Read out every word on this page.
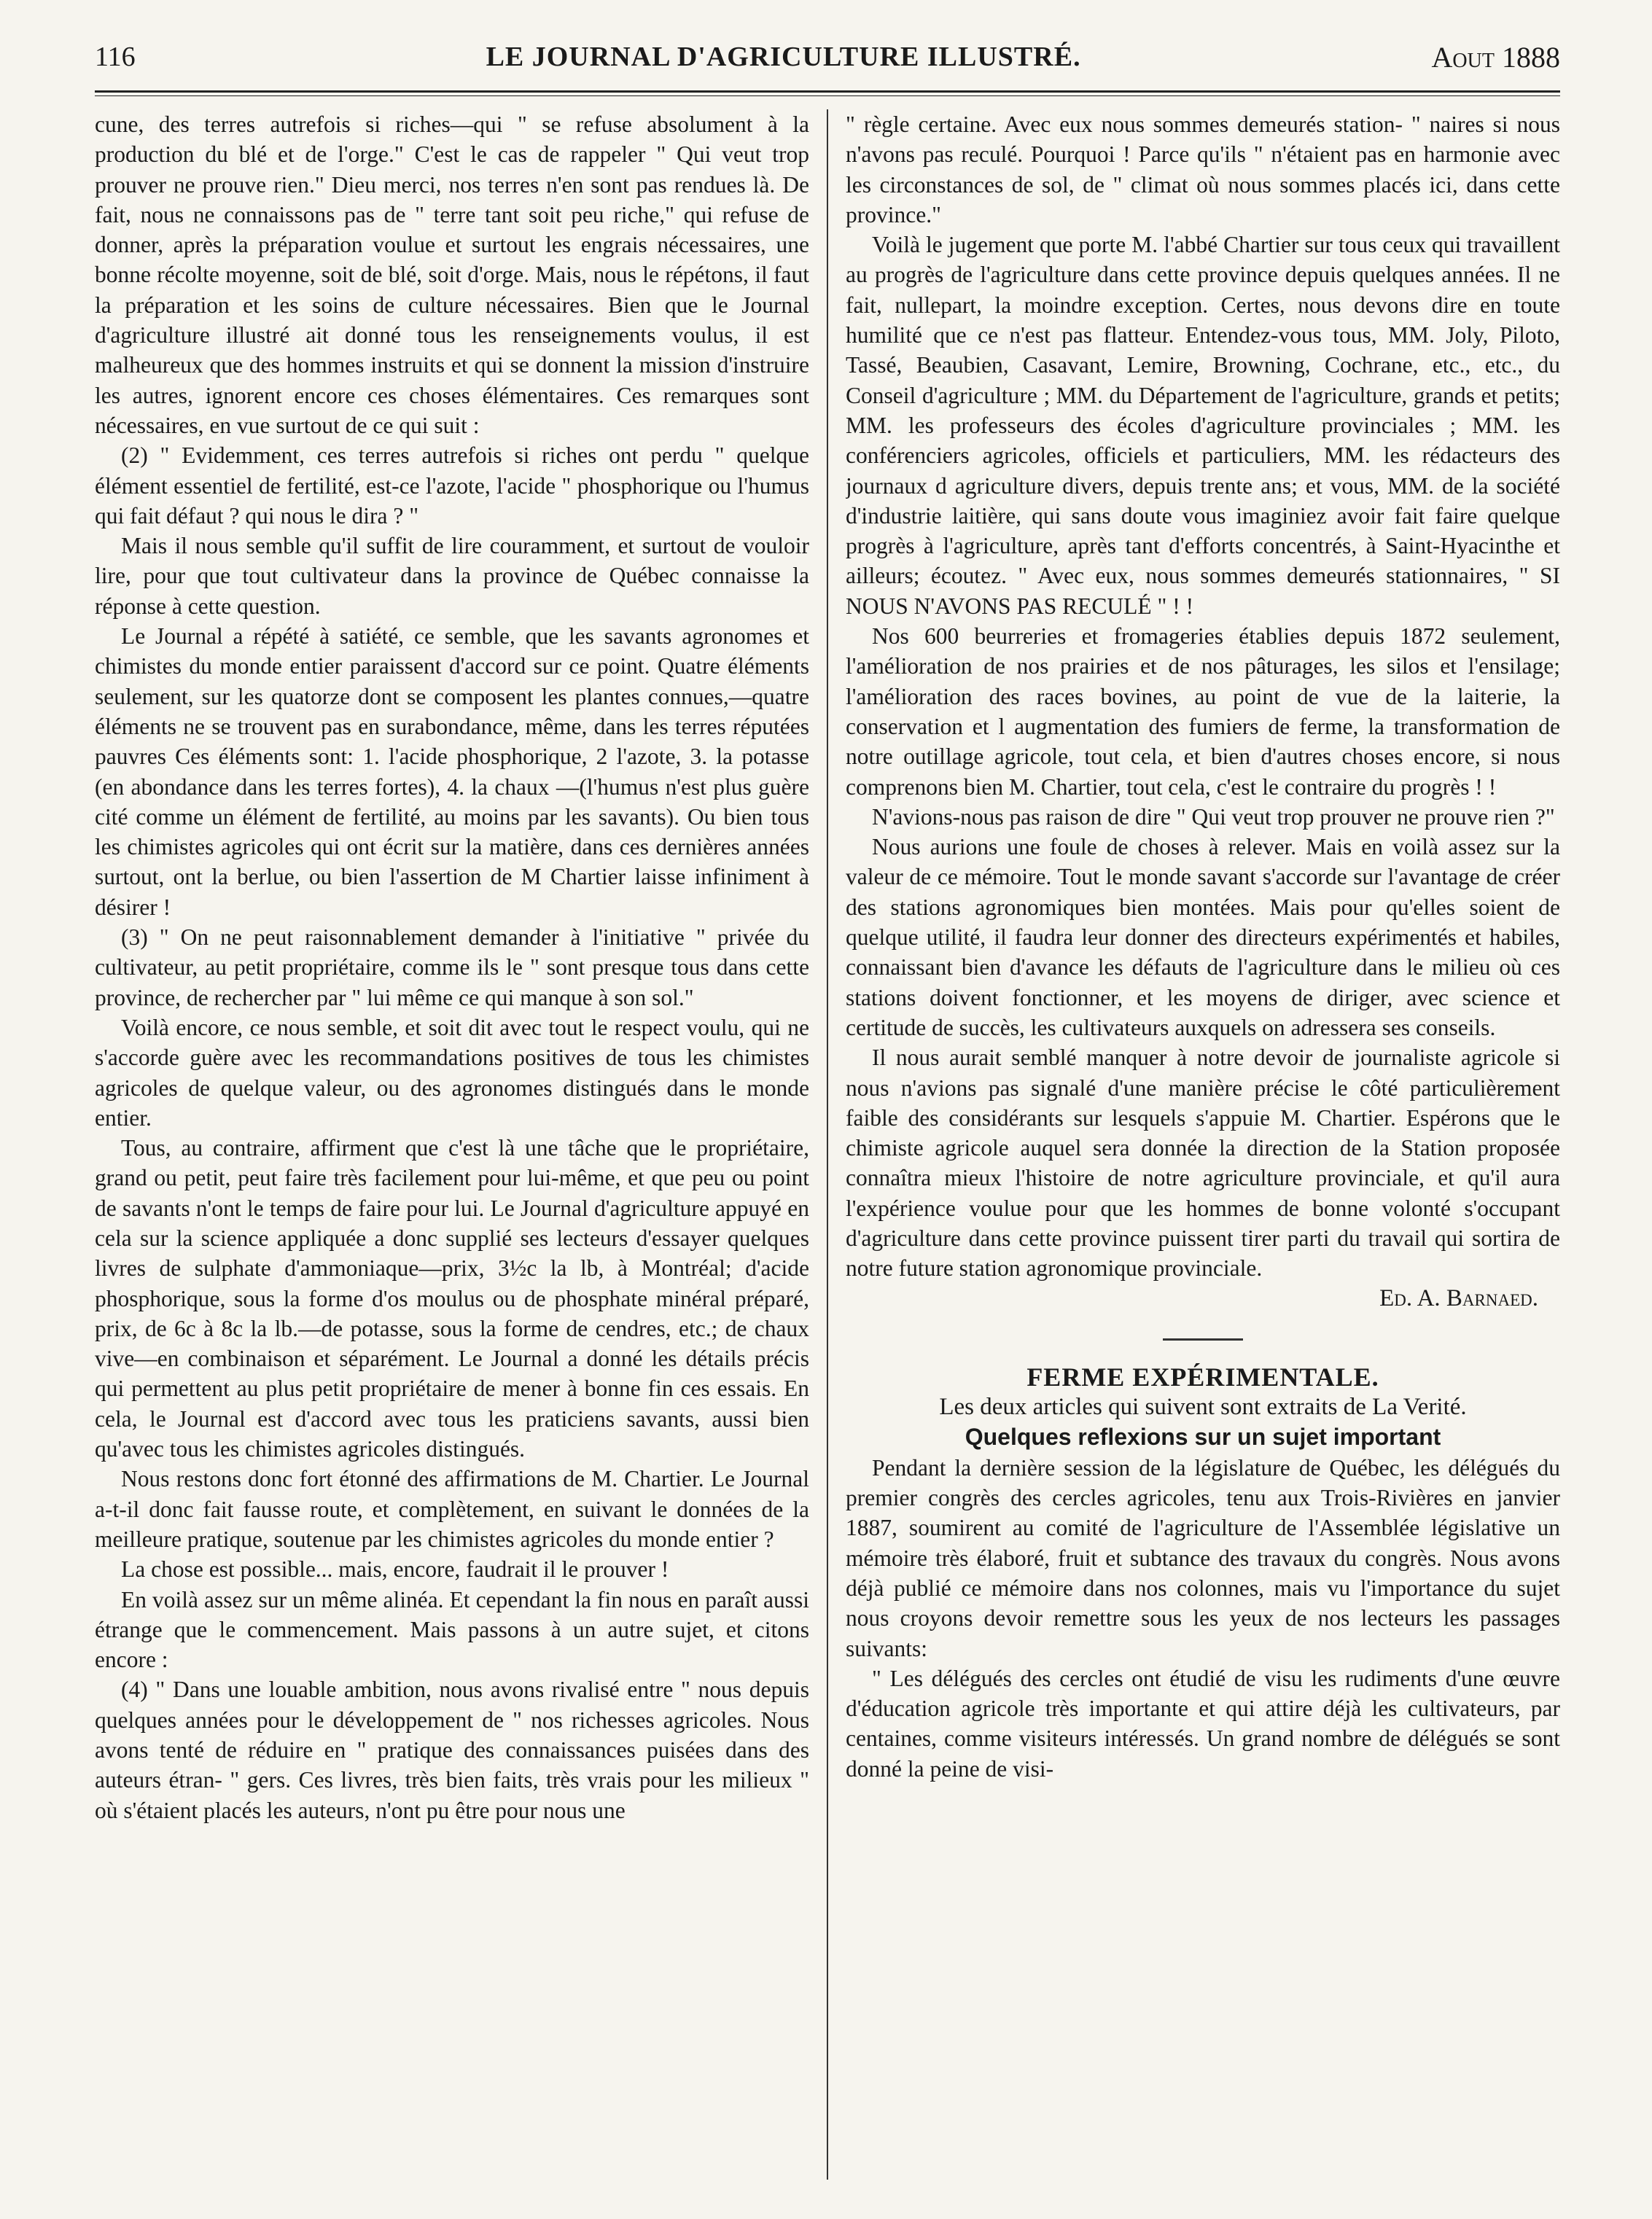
116	LE JOURNAL D'AGRICULTURE ILLUSTRÉ.	Aout 1888

cune, des terres autrefois si riches—qui " se refuse absolument à la production du blé et de l'orge." C'est le cas de rappeler " Qui veut trop prouver ne prouve rien." Dieu merci, nos terres n'en sont pas rendues là. De fait, nous ne connaissons pas de " terre tant soit peu riche," qui refuse de donner, après la préparation voulue et surtout les engrais nécessaires, une bonne récolte moyenne, soit de blé, soit d'orge. Mais, nous le répétons, il faut la préparation et les soins de culture nécessaires. Bien que le Journal d'agriculture illustré ait donné tous les renseignements voulus, il est malheureux que des hommes instruits et qui se donnent la mission d'instruire les autres, ignorent encore ces choses élémentaires. Ces remarques sont nécessaires, en vue surtout de ce qui suit :

(2) " Evidemment, ces terres autrefois si riches ont perdu " quelque élément essentiel de fertilité, est-ce l'azote, l'acide " phosphorique ou l'humus qui fait défaut ? qui nous le dira ? "

Mais il nous semble qu'il suffit de lire couramment, et surtout de vouloir lire, pour que tout cultivateur dans la province de Québec connaisse la réponse à cette question.

Le Journal a répété à satiété, ce semble, que les savants agronomes et chimistes du monde entier paraissent d'accord sur ce point. Quatre éléments seulement, sur les quatorze dont se composent les plantes connues,—quatre éléments ne se trouvent pas en surabondance, même, dans les terres réputées pauvres Ces éléments sont: 1. l'acide phosphorique, 2 l'azote, 3. la potasse (en abondance dans les terres fortes), 4. la chaux —(l'humus n'est plus guère cité comme un élément de fertilité, au moins par les savants). Ou bien tous les chimistes agricoles qui ont écrit sur la matière, dans ces dernières années surtout, ont la berlue, ou bien l'assertion de M Chartier laisse infiniment à désirer !

(3) " On ne peut raisonnablement demander à l'initiative " privée du cultivateur, au petit propriétaire, comme ils le " sont presque tous dans cette province, de rechercher par " lui même ce qui manque à son sol."

Voilà encore, ce nous semble, et soit dit avec tout le respect voulu, qui ne s'accorde guère avec les recommandations positives de tous les chimistes agricoles de quelque valeur, ou des agronomes distingués dans le monde entier.

Tous, au contraire, affirment que c'est là une tâche que le propriétaire, grand ou petit, peut faire très facilement pour lui-même, et que peu ou point de savants n'ont le temps de faire pour lui. Le Journal d'agriculture appuyé en cela sur la science appliquée a donc supplié ses lecteurs d'essayer quelques livres de sulphate d'ammoniaque—prix, 3½c la lb, à Montréal; d'acide phosphorique, sous la forme d'os moulus ou de phosphate minéral préparé, prix, de 6c à 8c la lb.—de potasse, sous la forme de cendres, etc.; de chaux vive—en combinaison et séparément. Le Journal a donné les détails précis qui permettent au plus petit propriétaire de mener à bonne fin ces essais. En cela, le Journal est d'accord avec tous les praticiens savants, aussi bien qu'avec tous les chimistes agricoles distingués.

Nous restons donc fort étonné des affirmations de M. Chartier. Le Journal a-t-il donc fait fausse route, et complètement, en suivant le données de la meilleure pratique, soutenue par les chimistes agricoles du monde entier ?

La chose est possible... mais, encore, faudrait il le prouver !

En voilà assez sur un même alinéa. Et cependant la fin nous en paraît aussi étrange que le commencement. Mais passons à un autre sujet, et citons encore :

(4) " Dans une louable ambition, nous avons rivalisé entre " nous depuis quelques années pour le développement de " nos richesses agricoles. Nous avons tenté de réduire en " pratique des connaissances puisées dans des auteurs étran- " gers. Ces livres, très bien faits, très vrais pour les milieux " où s'étaient placés les auteurs, n'ont pu être pour nous une

" règle certaine. Avec eux nous sommes demeurés station- " naires si nous n'avons pas reculé. Pourquoi ! Parce qu'ils " n'étaient pas en harmonie avec les circonstances de sol, de " climat où nous sommes placés ici, dans cette province."

Voilà le jugement que porte M. l'abbé Chartier sur tous ceux qui travaillent au progrès de l'agriculture dans cette province depuis quelques années. Il ne fait, nullepart, la moindre exception. Certes, nous devons dire en toute humilité que ce n'est pas flatteur. Entendez-vous tous, MM. Joly, Piloto, Tassé, Beaubien, Casavant, Lemire, Browning, Cochrane, etc., etc., du Conseil d'agriculture ; MM. du Département de l'agriculture, grands et petits; MM. les professeurs des écoles d'agriculture provinciales ; MM. les conférenciers agricoles, officiels et particuliers, MM. les rédacteurs des journaux d agriculture divers, depuis trente ans; et vous, MM. de la société d'industrie laitière, qui sans doute vous imaginiez avoir fait faire quelque progrès à l'agriculture, après tant d'efforts concentrés, à Saint-Hyacinthe et ailleurs; écoutez. " Avec eux, nous sommes demeurés stationnaires, " SI NOUS N'AVONS PAS RECULÉ " ! !

Nos 600 beurreries et fromageries établies depuis 1872 seulement, l'amélioration de nos prairies et de nos pâturages, les silos et l'ensilage; l'amélioration des races bovines, au point de vue de la laiterie, la conservation et l augmentation des fumiers de ferme, la transformation de notre outillage agricole, tout cela, et bien d'autres choses encore, si nous comprenons bien M. Chartier, tout cela, c'est le contraire du progrès ! !

N'avions-nous pas raison de dire " Qui veut trop prouver ne prouve rien ?"

Nous aurions une foule de choses à relever. Mais en voilà assez sur la valeur de ce mémoire. Tout le monde savant s'accorde sur l'avantage de créer des stations agronomiques bien montées. Mais pour qu'elles soient de quelque utilité, il faudra leur donner des directeurs expérimentés et habiles, connaissant bien d'avance les défauts de l'agriculture dans le milieu où ces stations doivent fonctionner, et les moyens de diriger, avec science et certitude de succès, les cultivateurs auxquels on adressera ses conseils.

Il nous aurait semblé manquer à notre devoir de journaliste agricole si nous n'avions pas signalé d'une manière précise le côté particulièrement faible des considérants sur lesquels s'appuie M. Chartier. Espérons que le chimiste agricole auquel sera donnée la direction de la Station proposée connaîtra mieux l'histoire de notre agriculture provinciale, et qu'il aura l'expérience voulue pour que les hommes de bonne volonté s'occupant d'agriculture dans cette province puissent tirer parti du travail qui sortira de notre future station agronomique provinciale.

Ed. A. Barnaed.

FERME EXPÉRIMENTALE.

Les deux articles qui suivent sont extraits de La Verité.

Quelques reflexions sur un sujet important

Pendant la dernière session de la législature de Québec, les délégués du premier congrès des cercles agricoles, tenu aux Trois-Rivières en janvier 1887, soumirent au comité de l'agriculture de l'Assemblée législative un mémoire très élaboré, fruit et subtance des travaux du congrès. Nous avons déjà publié ce mémoire dans nos colonnes, mais vu l'importance du sujet nous croyons devoir remettre sous les yeux de nos lecteurs les passages suivants:

" Les délégués des cercles ont étudié de visu les rudiments d'une œuvre d'éducation agricole très importante et qui attire déjà les cultivateurs, par centaines, comme visiteurs intéressés. Un grand nombre de délégués se sont donné la peine de visi-
